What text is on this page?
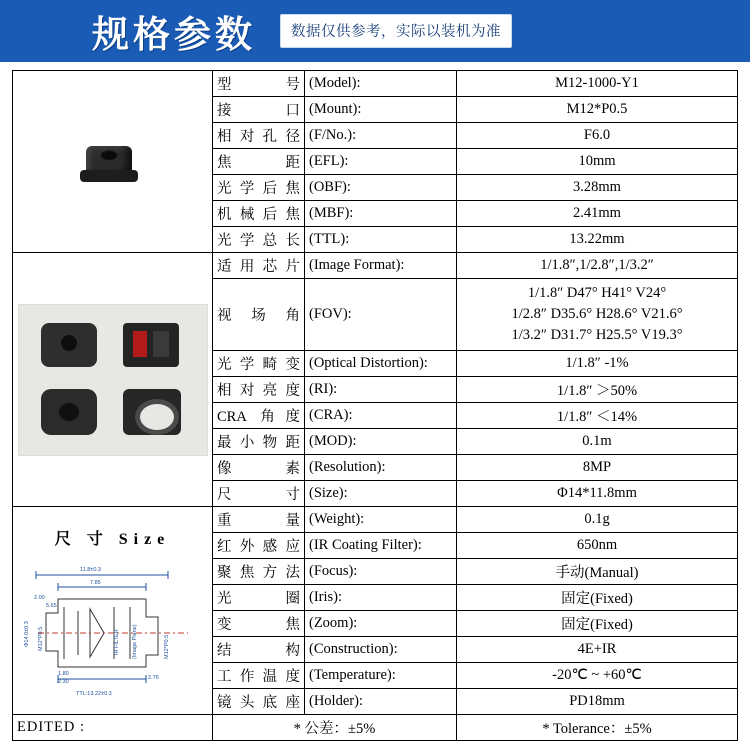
规格参数	数据仅供参考，实际以装机为准

	型 号	(Model):	M12-1000-Y1

	接 口	(Mount):	M12*P0.5

	相对孔径	(F/No.):	F6.0

	焦 距	(EFL):	10mm

	光学后焦	(OBF):	3.28mm

	机械后焦	(MBF):	2.41mm

	光学总长	(TTL):	13.22mm

	适用芯片	(Image Format):	1/1.8″,1/2.8″,1/3.2″

	视 场 角	(FOV):	1/1.8″ D47° H41° V24°
1/2.8″ D35.6° H28.6° V21.6°
1/3.2″ D31.7° H25.5° V19.3°

	光学畸变	(Optical Distortion):	1/1.8″ -1%

	相对亮度	(RI):	1/1.8″ ＞50%

	CRA 角度	(CRA):	1/1.8″ ＜14%

	最小物距	(MOD):	0.1m

	像 素	(Resolution):	8MP

	尺 寸	(Size):	Φ14*11.8mm

尺 寸 Size
11.8±0.3
7.85
2.00
5.65
Φ14.0±0.3 M12*P0.5	IR FILTER (Image Plane)	M12*P0.5
1.80
2.30
2.76
TTL:13.22±0.3

重 量	(Weight):	0.1g

	红外感应	(IR Coating Filter):	650nm

	聚焦方法	(Focus):	手动(Manual)

	光 圈	(Iris):	固定(Fixed)

	变 焦	(Zoom):	固定(Fixed)

	结 构	(Construction):	4E+IR

	工作温度	(Temperature):	-20℃ ~ +60℃

	镜头底座	(Holder):	PD18mm
EDITED :	* 公差：±5%		* Tolerance：±5%
